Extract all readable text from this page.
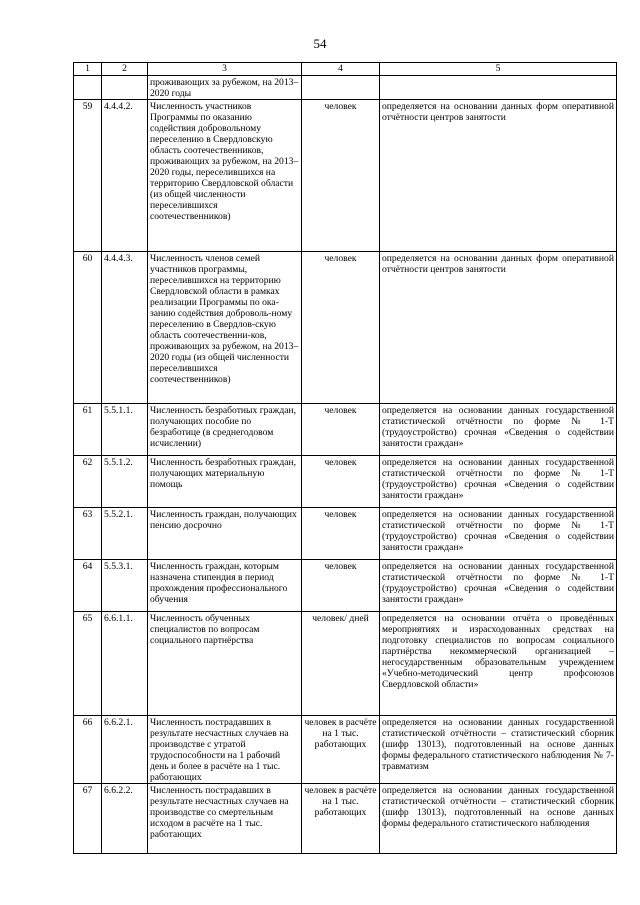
54
1	2	3	4	5
		проживающих за рубежом, на 2013–2020 годы		
59	4.4.4.2.	Численность участников Программы по оказанию содействия добровольному переселению в Свердловскую область соотечественников, проживающих за рубежом, на 2013–2020 годы, переселившихся на территорию Свердловской области (из общей численности переселившихся соотечественников)	человек	определяется на основании данных форм оперативной отчётности центров занятости
60	4.4.4.3.	Численность членов семей участников программы, переселившихся на территорию Свердловской области в рамках реализации Программы по ока-занию содействия доброволь-ному переселению в Свердлов-скую область соотечественни-ков, проживающих за рубежом, на 2013–2020 годы (из общей численности переселившихся соотечественников)	человек	определяется на основании данных форм оперативной отчётности центров занятости
61	5.5.1.1.	Численность безработных граждан, получающих пособие по безработице (в среднегодовом исчислении)	человек	определяется на основании данных государственной статистической отчётности по форме № 1-Т (трудоустройство) срочная «Сведения о содействии занятости граждан»
62	5.5.1.2.	Численность безработных граждан, получающих материальную помощь	человек	определяется на основании данных государственной статистической отчётности по форме № 1-Т (трудоустройство) срочная «Сведения о содействии занятости граждан»
63	5.5.2.1.	Численность граждан, получающих пенсию досрочно	человек	определяется на основании данных государственной статистической отчётности по форме № 1-Т (трудоустройство) срочная «Сведения о содействии занятости граждан»
64	5.5.3.1.	Численность граждан, которым назначена стипендия в период прохождения профессионального обучения	человек	определяется на основании данных государственной статистической отчётности по форме № 1-Т (трудоустройство) срочная «Сведения о содействии занятости граждан»
65	6.6.1.1.	Численность обученных специалистов по вопросам социального партнёрства	человек/ дней	определяется на основании отчёта о проведённых мероприятиях и израсходованных средствах на подготовку специалистов по вопросам социального партнёрства некоммерческой организацией – негосударственным образовательным учреждением «Учебно-методический центр профсоюзов Свердловской области»
66	6.6.2.1.	Численность пострадавших в результате несчастных случаев на производстве с утратой трудоспособности на 1 рабочий день и более в расчёте на 1 тыс. работающих	человек в расчёте на 1 тыс. работающих	определяется на основании данных государственной статистической отчётности – статистический сборник (шифр 13013), подготовленный на основе данных формы федерального статистического наблюдения № 7-травматизм
67	6.6.2.2.	Численность пострадавших в результате несчастных случаев на производстве со смертельным исходом в расчёте на 1 тыс. работающих	человек в расчёте на 1 тыс. работающих	определяется на основании данных государственной статистической отчётности – статистический сборник (шифр 13013), подготовленный на основе данных формы федерального статистического наблюдения
